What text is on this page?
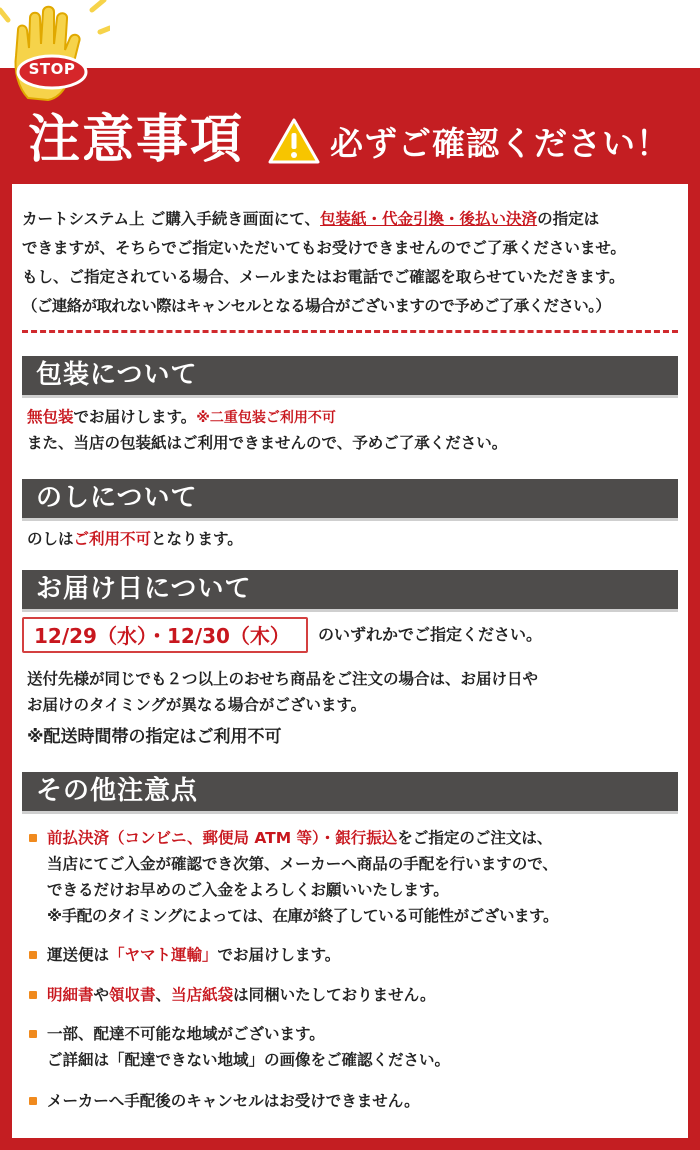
STOP
注意事項	必ずご確認ください！
カートシステム上 ご購入手続き画面にて、包装紙・代金引換・後払い決済の指定は
できますが、そちらでご指定いただいてもお受けできませんのでご了承くださいませ。
もし、ご指定されている場合、メールまたはお電話でご確認を取らせていただきます。
（ご連絡が取れない際はキャンセルとなる場合がございますので予めご了承ください。）
包装について
無包装でお届けします。※二重包装ご利用不可
また、当店の包装紙はご利用できませんので、予めご了承ください。
のしについて
のしはご利用不可となります。
お届け日について
12/29（水）・12/30（木） のいずれかでご指定ください。
送付先様が同じでも２つ以上のおせち商品をご注文の場合は、お届け日や
お届けのタイミングが異なる場合がございます。
※配送時間帯の指定はご利用不可
その他注意点
前払決済（コンビニ、郵便局 ATM 等）・銀行振込をご指定のご注文は、
当店にてご入金が確認でき次第、メーカーへ商品の手配を行いますので、
できるだけお早めのご入金をよろしくお願いいたします。
※手配のタイミングによっては、在庫が終了している可能性がございます。
運送便は「ヤマト運輸」でお届けします。
明細書や領収書、当店紙袋は同梱いたしておりません。
一部、配達不可能な地域がございます。
ご詳細は「配達できない地域」の画像をご確認ください。
メーカーへ手配後のキャンセルはお受けできません。
